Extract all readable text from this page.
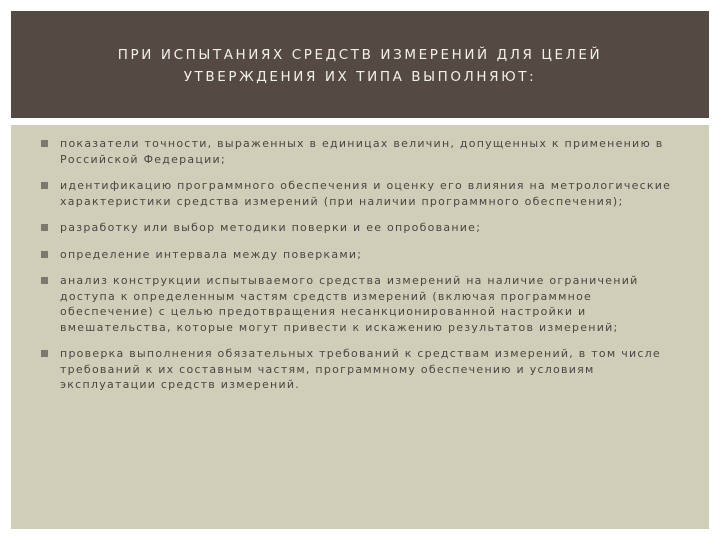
ПРИ ИСПЫТАНИЯХ СРЕДСТВ ИЗМЕРЕНИЙ ДЛЯ ЦЕЛЕЙ
УТВЕРЖДЕНИЯ ИХ ТИПА ВЫПОЛНЯЮТ:
показатели точности, выраженных в единицах величин, допущенных к применению в Российской Федерации;
идентификацию программного обеспечения и оценку его влияния на метрологические характеристики средства измерений (при наличии программного обеспечения);
разработку или выбор методики поверки и ее опробование;
определение интервала между поверками;
анализ конструкции испытываемого средства измерений на наличие ограничений доступа к определенным частям средств измерений (включая программное обеспечение) с целью предотвращения несанкционированной настройки и вмешательства, которые могут привести к искажению результатов измерений;
проверка выполнения обязательных требований к средствам измерений, в том числе требований к их составным частям, программному обеспечению и условиям эксплуатации средств измерений.
